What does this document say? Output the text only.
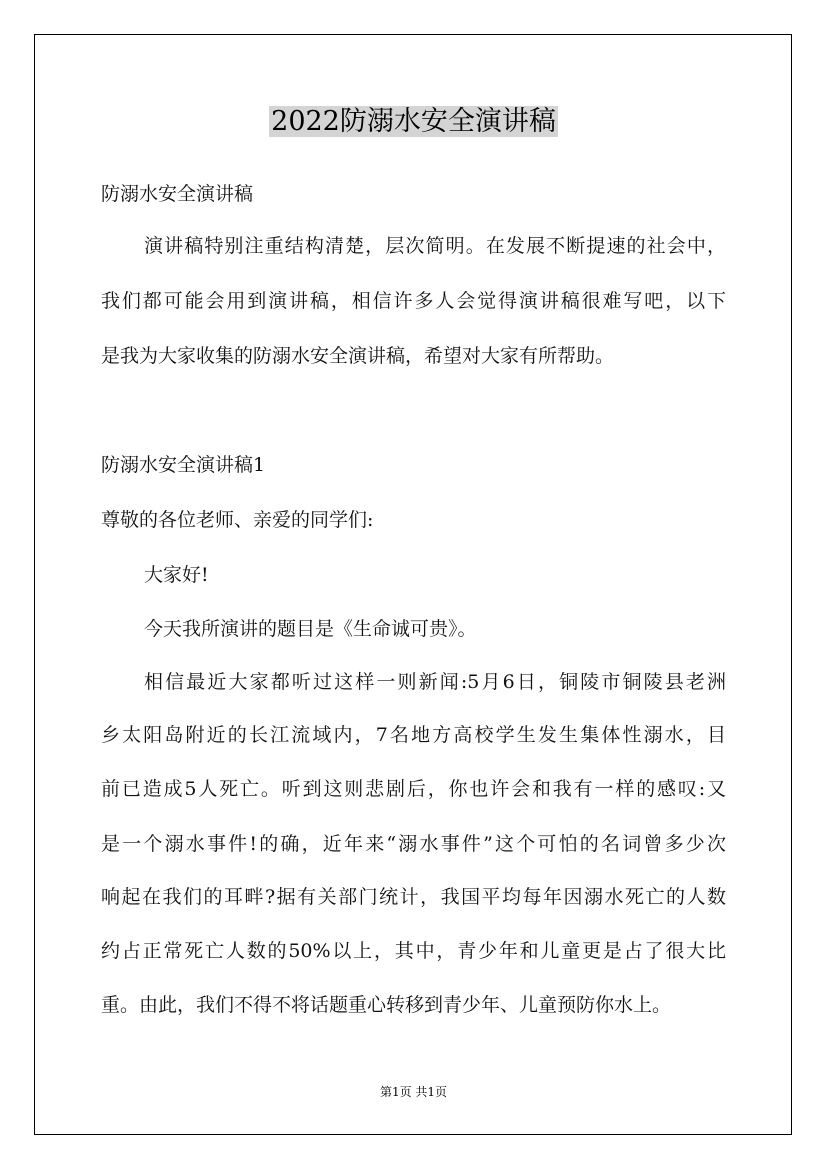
2022防溺水安全演讲稿
防溺水安全演讲稿
演讲稿特别注重结构清楚，层次简明。在发展不断提速的社会中，
我们都可能会用到演讲稿，相信许多人会觉得演讲稿很难写吧，以下
是我为大家收集的防溺水安全演讲稿，希望对大家有所帮助。
防溺水安全演讲稿1
尊敬的各位老师、亲爱的同学们:
大家好!
今天我所演讲的题目是《生命诚可贵》。
相信最近大家都听过这样一则新闻:5月6日，铜陵市铜陵县老洲
乡太阳岛附近的长江流域内，7名地方高校学生发生集体性溺水，目
前已造成5人死亡。听到这则悲剧后，你也许会和我有一样的感叹:又
是一个溺水事件!的确，近年来“溺水事件”这个可怕的名词曾多少次
响起在我们的耳畔?据有关部门统计，我国平均每年因溺水死亡的人数
约占正常死亡人数的50%以上，其中，青少年和儿童更是占了很大比
重。由此，我们不得不将话题重心转移到青少年、儿童预防你水上。
第1页 共1页
